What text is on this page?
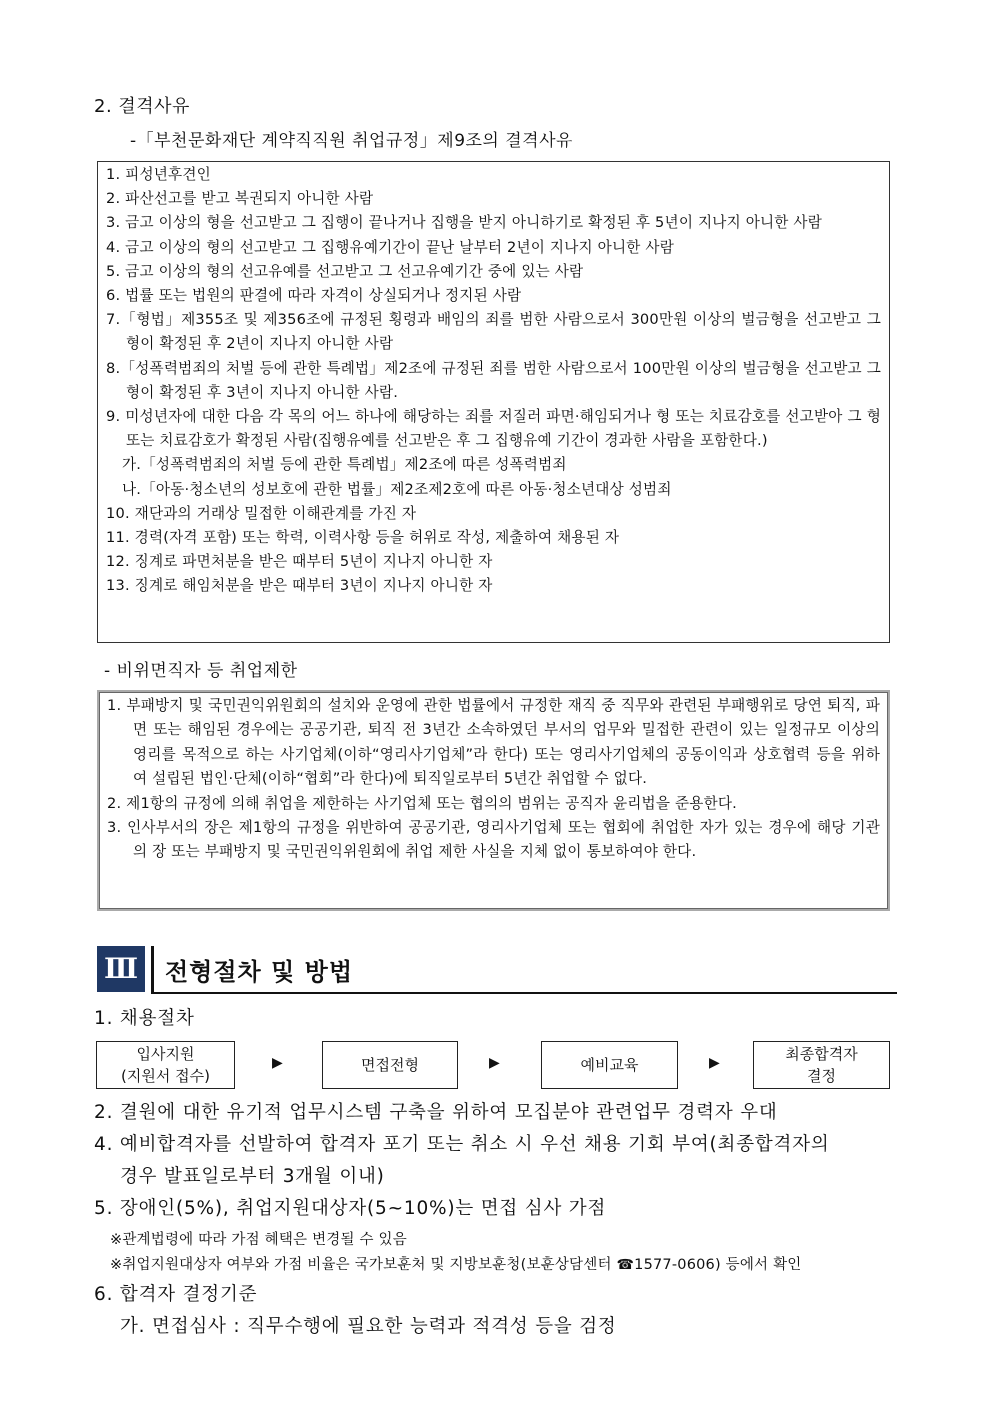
2. 결격사유
-「부천문화재단 계약직직원 취업규정」제9조의 결격사유
1. 피성년후견인
2. 파산선고를 받고 복권되지 아니한 사람
3. 금고 이상의 형을 선고받고 그 집행이 끝나거나 집행을 받지 아니하기로 확정된 후 5년이 지나지 아니한 사람
4. 금고 이상의 형의 선고받고 그 집행유예기간이 끝난 날부터 2년이 지나지 아니한 사람
5. 금고 이상의 형의 선고유예를 선고받고 그 선고유예기간 중에 있는 사람
6. 법률 또는 법원의 판결에 따라 자격이 상실되거나 정지된 사람
7.「형법」제355조 및 제356조에 규정된 횡령과 배임의 죄를 범한 사람으로서 300만원 이상의 벌금형을 선고받고 그 형이 확정된 후 2년이 지나지 아니한 사람
8.「성폭력범죄의 처벌 등에 관한 특례법」제2조에 규정된 죄를 범한 사람으로서 100만원 이상의 벌금형을 선고받고 그 형이 확정된 후 3년이 지나지 아니한 사람.
9. 미성년자에 대한 다음 각 목의 어느 하나에 해당하는 죄를 저질러 파면·해임되거나 형 또는 치료감호를 선고받아 그 형 또는 치료감호가 확정된 사람(집행유예를 선고받은 후 그 집행유예 기간이 경과한 사람을 포함한다.)
가.「성폭력범죄의 처벌 등에 관한 특례법」제2조에 따른 성폭력범죄
나.「아동·청소년의 성보호에 관한 법률」제2조제2호에 따른 아동·청소년대상 성범죄
10. 재단과의 거래상 밀접한 이해관계를 가진 자
11. 경력(자격 포함) 또는 학력, 이력사항 등을 허위로 작성, 제출하여 채용된 자
12. 징계로 파면처분을 받은 때부터 5년이 지나지 아니한 자
13. 징계로 해임처분을 받은 때부터 3년이 지나지 아니한 자
- 비위면직자 등 취업제한
1. 부패방지 및 국민권익위원회의 설치와 운영에 관한 법률에서 규정한 재직 중 직무와 관련된 부패행위로 당연 퇴직, 파면 또는 해임된 경우에는 공공기관, 퇴직 전 3년간 소속하였던 부서의 업무와 밀접한 관련이 있는 일정규모 이상의 영리를 목적으로 하는 사기업체(이하“영리사기업체”라 한다) 또는 영리사기업체의 공동이익과 상호협력 등을 위하여 설립된 법인·단체(이하“협회”라 한다)에 퇴직일로부터 5년간 취업할 수 없다.
2. 제1항의 규정에 의해 취업을 제한하는 사기업체 또는 협의의 범위는 공직자 윤리법을 준용한다.
3. 인사부서의 장은 제1항의 규정을 위반하여 공공기관, 영리사기업체 또는 협회에 취업한 자가 있는 경우에 해당 기관의 장 또는 부패방지 및 국민권익위원회에 취업 제한 사실을 지체 없이 통보하여야 한다.
Ⅲ 전형절차 및 방법
1. 채용절차
입사지원
(지원서 접수)
▶	면접전형	▶	예비교육	▶	최종합격자
결정
2. 결원에 대한 유기적 업무시스템 구축을 위하여 모집분야 관련업무 경력자 우대
4. 예비합격자를 선발하여 합격자 포기 또는 취소 시 우선 채용 기회 부여(최종합격자의
경우 발표일로부터 3개월 이내)
5. 장애인(5%), 취업지원대상자(5~10%)는 면접 심사 가점
※관계법령에 따라 가점 혜택은 변경될 수 있음
※취업지원대상자 여부와 가점 비율은 국가보훈처 및 지방보훈청(보훈상담센터 ☎1577-0606) 등에서 확인
6. 합격자 결정기준
가. 면접심사 : 직무수행에 필요한 능력과 적격성 등을 검정
